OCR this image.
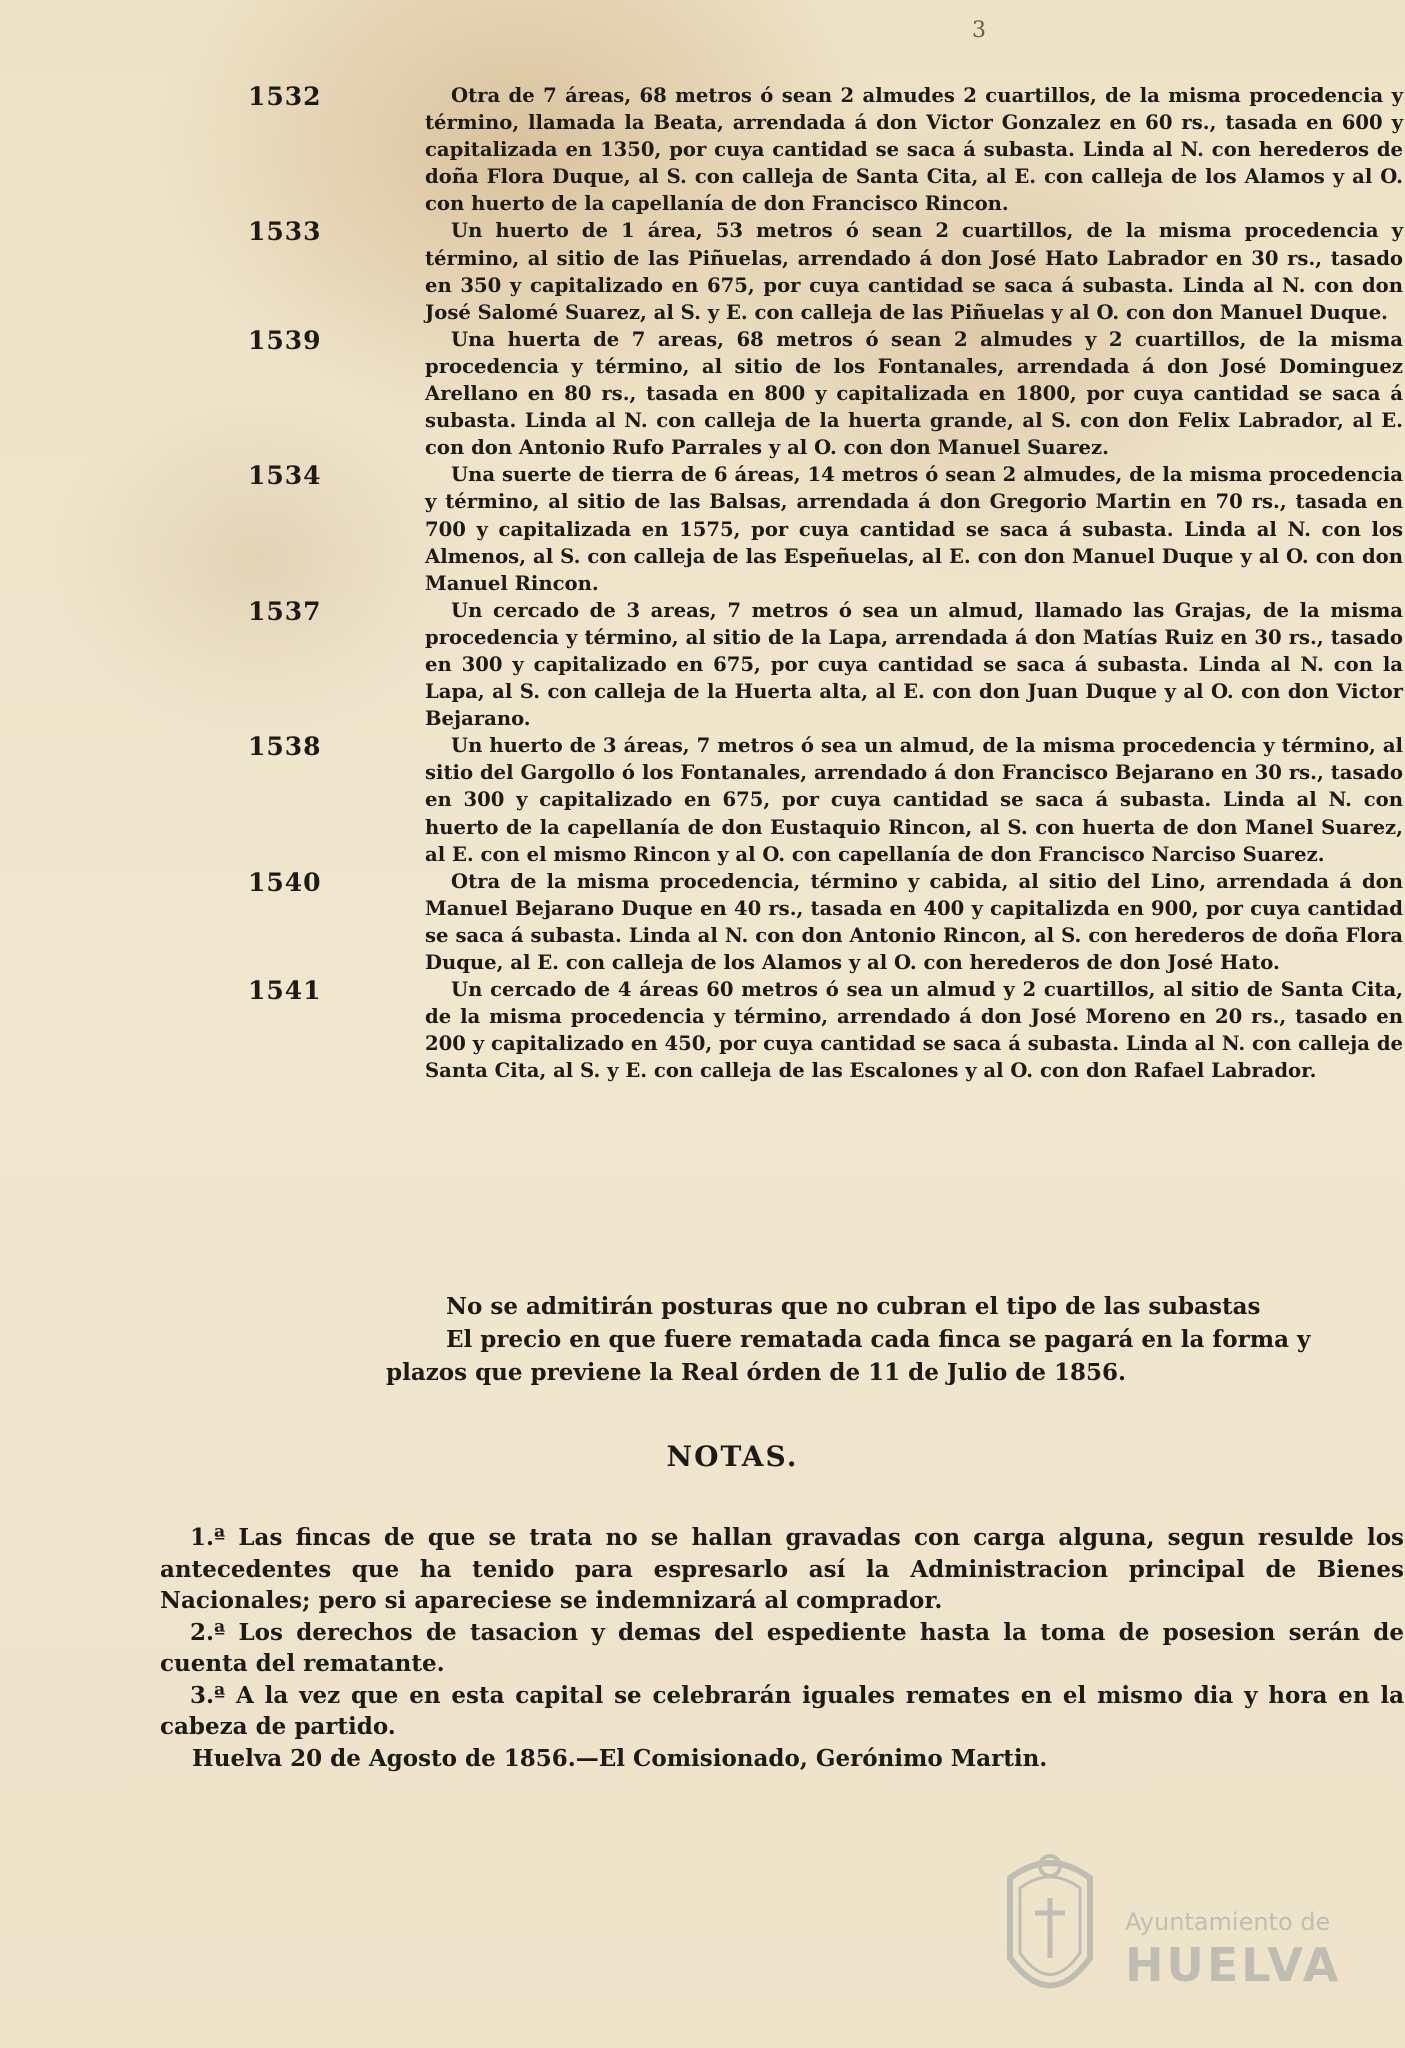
3
1532	Otra de 7 áreas, 68 metros ó sean 2 almudes 2 cuartillos, de la misma procedencia y término, llamada la Beata, arrendada á don Victor Gonzalez en 60 rs., tasada en 600 y capitalizada en 1350, por cuya cantidad se saca á subasta. Linda al N. con herederos de doña Flora Duque, al S. con calleja de Santa Cita, al E. con calleja de los Alamos y al O. con huerto de la capellanía de don Francisco Rincon.
1533	Un huerto de 1 área, 53 metros ó sean 2 cuartillos, de la misma procedencia y término, al sitio de las Piñuelas, arrendado á don José Hato Labrador en 30 rs., tasado en 350 y capitalizado en 675, por cuya cantidad se saca á subasta. Linda al N. con don José Salomé Suarez, al S. y E. con calleja de las Piñuelas y al O. con don Manuel Duque.
1539	Una huerta de 7 areas, 68 metros ó sean 2 almudes y 2 cuartillos, de la misma procedencia y término, al sitio de los Fontanales, arrendada á don José Dominguez Arellano en 80 rs., tasada en 800 y capitalizada en 1800, por cuya cantidad se saca á subasta. Linda al N. con calleja de la huerta grande, al S. con don Felix Labrador, al E. con don Antonio Rufo Parrales y al O. con don Manuel Suarez.
1534	Una suerte de tierra de 6 áreas, 14 metros ó sean 2 almudes, de la misma procedencia y término, al sitio de las Balsas, arrendada á don Gregorio Martin en 70 rs., tasada en 700 y capitalizada en 1575, por cuya cantidad se saca á subasta. Linda al N. con los Almenos, al S. con calleja de las Espeñuelas, al E. con don Manuel Duque y al O. con don Manuel Rincon.
1537	Un cercado de 3 areas, 7 metros ó sea un almud, llamado las Grajas, de la misma procedencia y término, al sitio de la Lapa, arrendada á don Matías Ruiz en 30 rs., tasado en 300 y capitalizado en 675, por cuya cantidad se saca á subasta. Linda al N. con la Lapa, al S. con calleja de la Huerta alta, al E. con don Juan Duque y al O. con don Victor Bejarano.
1538	Un huerto de 3 áreas, 7 metros ó sea un almud, de la misma procedencia y término, al sitio del Gargollo ó los Fontanales, arrendado á don Francisco Bejarano en 30 rs., tasado en 300 y capitalizado en 675, por cuya cantidad se saca á subasta. Linda al N. con huerto de la capellanía de don Eustaquio Rincon, al S. con huerta de don Manel Suarez, al E. con el mismo Rincon y al O. con capellanía de don Francisco Narciso Suarez.
1540	Otra de la misma procedencia, término y cabida, al sitio del Lino, arrendada á don Manuel Bejarano Duque en 40 rs., tasada en 400 y capitalizda en 900, por cuya cantidad se saca á subasta. Linda al N. con don Antonio Rincon, al S. con herederos de doña Flora Duque, al E. con calleja de los Alamos y al O. con herederos de don José Hato.
1541	Un cercado de 4 áreas 60 metros ó sea un almud y 2 cuartillos, al sitio de Santa Cita, de la misma procedencia y término, arrendado á don José Moreno en 20 rs., tasado en 200 y capitalizado en 450, por cuya cantidad se saca á subasta. Linda al N. con calleja de Santa Cita, al S. y E. con calleja de las Escalones y al O. con don Rafael Labrador.

No se admitirán posturas que no cubran el tipo de las subastas

El precio en que fuere rematada cada finca se pagará en la forma y

plazos que previene la Real órden de 11 de Julio de 1856.

NOTAS.

1.ª Las fincas de que se trata no se hallan gravadas con carga alguna, segun resulde los antecedentes que ha tenido para espresarlo así la Administracion principal de Bienes Nacionales; pero si apareciese se indemnizará al comprador.

2.ª Los derechos de tasacion y demas del espediente hasta la toma de posesion serán de cuenta del rematante.

3.ª A la vez que en esta capital se celebrarán iguales remates en el mismo dia y hora en la cabeza de partido.

Huelva 20 de Agosto de 1856.—El Comisionado, Gerónimo Martin.

Ayuntamiento de
HUELVA
